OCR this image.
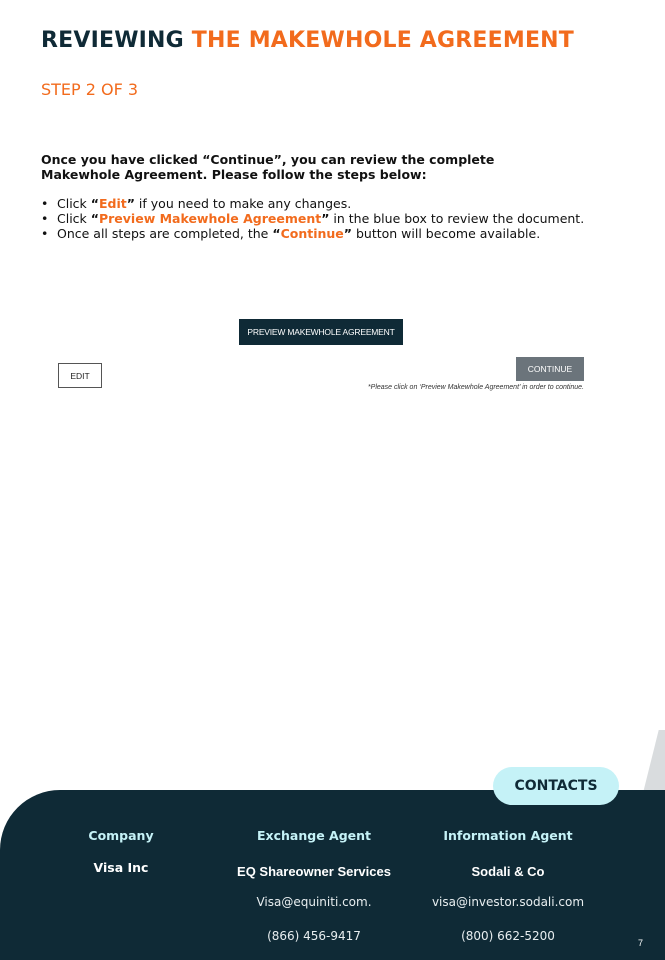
REVIEWING THE MAKEWHOLE AGREEMENT
STEP 2 OF 3

Once you have clicked “Continue”, you can review the complete Makewhole Agreement. Please follow the steps below:

• Click “Edit” if you need to make any changes.
• Click “Preview Makewhole Agreement” in the blue box to review the document.
• Once all steps are completed, the “Continue” button will become available.
PREVIEW MAKEWHOLE AGREEMENT
EDIT
CONTINUE
*Please click on ‘Preview Makewhole Agreement’ in order to continue.
CONTACTS
Company
Visa Inc
Exchange Agent
EQ Shareowner Services
Visa@equiniti.com.
(866) 456-9417
Information Agent
Sodali & Co
visa@investor.sodali.com
(800) 662-5200	7
